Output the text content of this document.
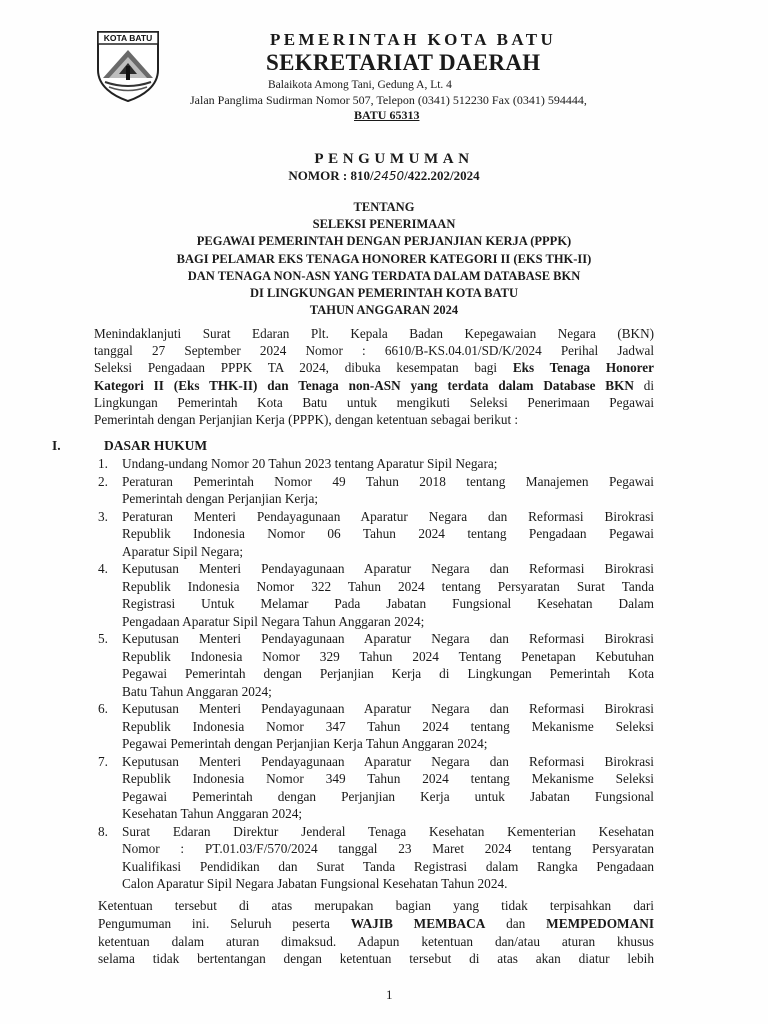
KOTA BATU	PEMERINTAH KOTA BATU
SEKRETARIAT DAERAH
Balaikota Among Tani, Gedung A, Lt. 4
Jalan Panglima Sudirman Nomor 507, Telepon (0341) 512230 Fax (0341) 594444,
BATU 65313
PENGUMUMAN
NOMOR : 810/2450/422.202/2024
TENTANG
SELEKSI PENERIMAAN
PEGAWAI PEMERINTAH DENGAN PERJANJIAN KERJA (PPPK)
BAGI PELAMAR EKS TENAGA HONORER KATEGORI II (EKS THK-II)
DAN TENAGA NON-ASN YANG TERDATA DALAM DATABASE BKN
DI LINGKUNGAN PEMERINTAH KOTA BATU
TAHUN ANGGARAN 2024
Menindaklanjuti Surat Edaran Plt. Kepala Badan Kepegawaian Negara (BKN)
tanggal 27 September 2024 Nomor : 6610/B-KS.04.01/SD/K/2024 Perihal Jadwal
Seleksi Pengadaan PPPK TA 2024, dibuka kesempatan bagi Eks Tenaga Honorer
Kategori II (Eks THK-II) dan Tenaga non-ASN yang terdata dalam Database BKN di
Lingkungan Pemerintah Kota Batu untuk mengikuti Seleksi Penerimaan Pegawai
Pemerintah dengan Perjanjian Kerja (PPPK), dengan ketentuan sebagai berikut :
I.	DASAR HUKUM
1. Undang-undang Nomor 20 Tahun 2023 tentang Aparatur Sipil Negara;
2. Peraturan Pemerintah Nomor 49 Tahun 2018 tentang Manajemen Pegawai
Pemerintah dengan Perjanjian Kerja;
3. Peraturan Menteri Pendayagunaan Aparatur Negara dan Reformasi Birokrasi
Republik Indonesia Nomor 06 Tahun 2024 tentang Pengadaan Pegawai
Aparatur Sipil Negara;
4. Keputusan Menteri Pendayagunaan Aparatur Negara dan Reformasi Birokrasi
Republik Indonesia Nomor 322 Tahun 2024 tentang Persyaratan Surat Tanda
Registrasi Untuk Melamar Pada Jabatan Fungsional Kesehatan Dalam
Pengadaan Aparatur Sipil Negara Tahun Anggaran 2024;
5. Keputusan Menteri Pendayagunaan Aparatur Negara dan Reformasi Birokrasi
Republik Indonesia Nomor 329 Tahun 2024 Tentang Penetapan Kebutuhan
Pegawai Pemerintah dengan Perjanjian Kerja di Lingkungan Pemerintah Kota
Batu Tahun Anggaran 2024;
6. Keputusan Menteri Pendayagunaan Aparatur Negara dan Reformasi Birokrasi
Republik Indonesia Nomor 347 Tahun 2024 tentang Mekanisme Seleksi
Pegawai Pemerintah dengan Perjanjian Kerja Tahun Anggaran 2024;
7. Keputusan Menteri Pendayagunaan Aparatur Negara dan Reformasi Birokrasi
Republik Indonesia Nomor 349 Tahun 2024 tentang Mekanisme Seleksi
Pegawai Pemerintah dengan Perjanjian Kerja untuk Jabatan Fungsional
Kesehatan Tahun Anggaran 2024;
8. Surat Edaran Direktur Jenderal Tenaga Kesehatan Kementerian Kesehatan
Nomor : PT.01.03/F/570/2024 tanggal 23 Maret 2024 tentang Persyaratan
Kualifikasi Pendidikan dan Surat Tanda Registrasi dalam Rangka Pengadaan
Calon Aparatur Sipil Negara Jabatan Fungsional Kesehatan Tahun 2024.
Ketentuan tersebut di atas merupakan bagian yang tidak terpisahkan dari
Pengumuman ini. Seluruh peserta WAJIB MEMBACA dan MEMPEDOMANI
ketentuan dalam aturan dimaksud. Adapun ketentuan dan/atau aturan khusus
selama tidak bertentangan dengan ketentuan tersebut di atas akan diatur lebih
1
